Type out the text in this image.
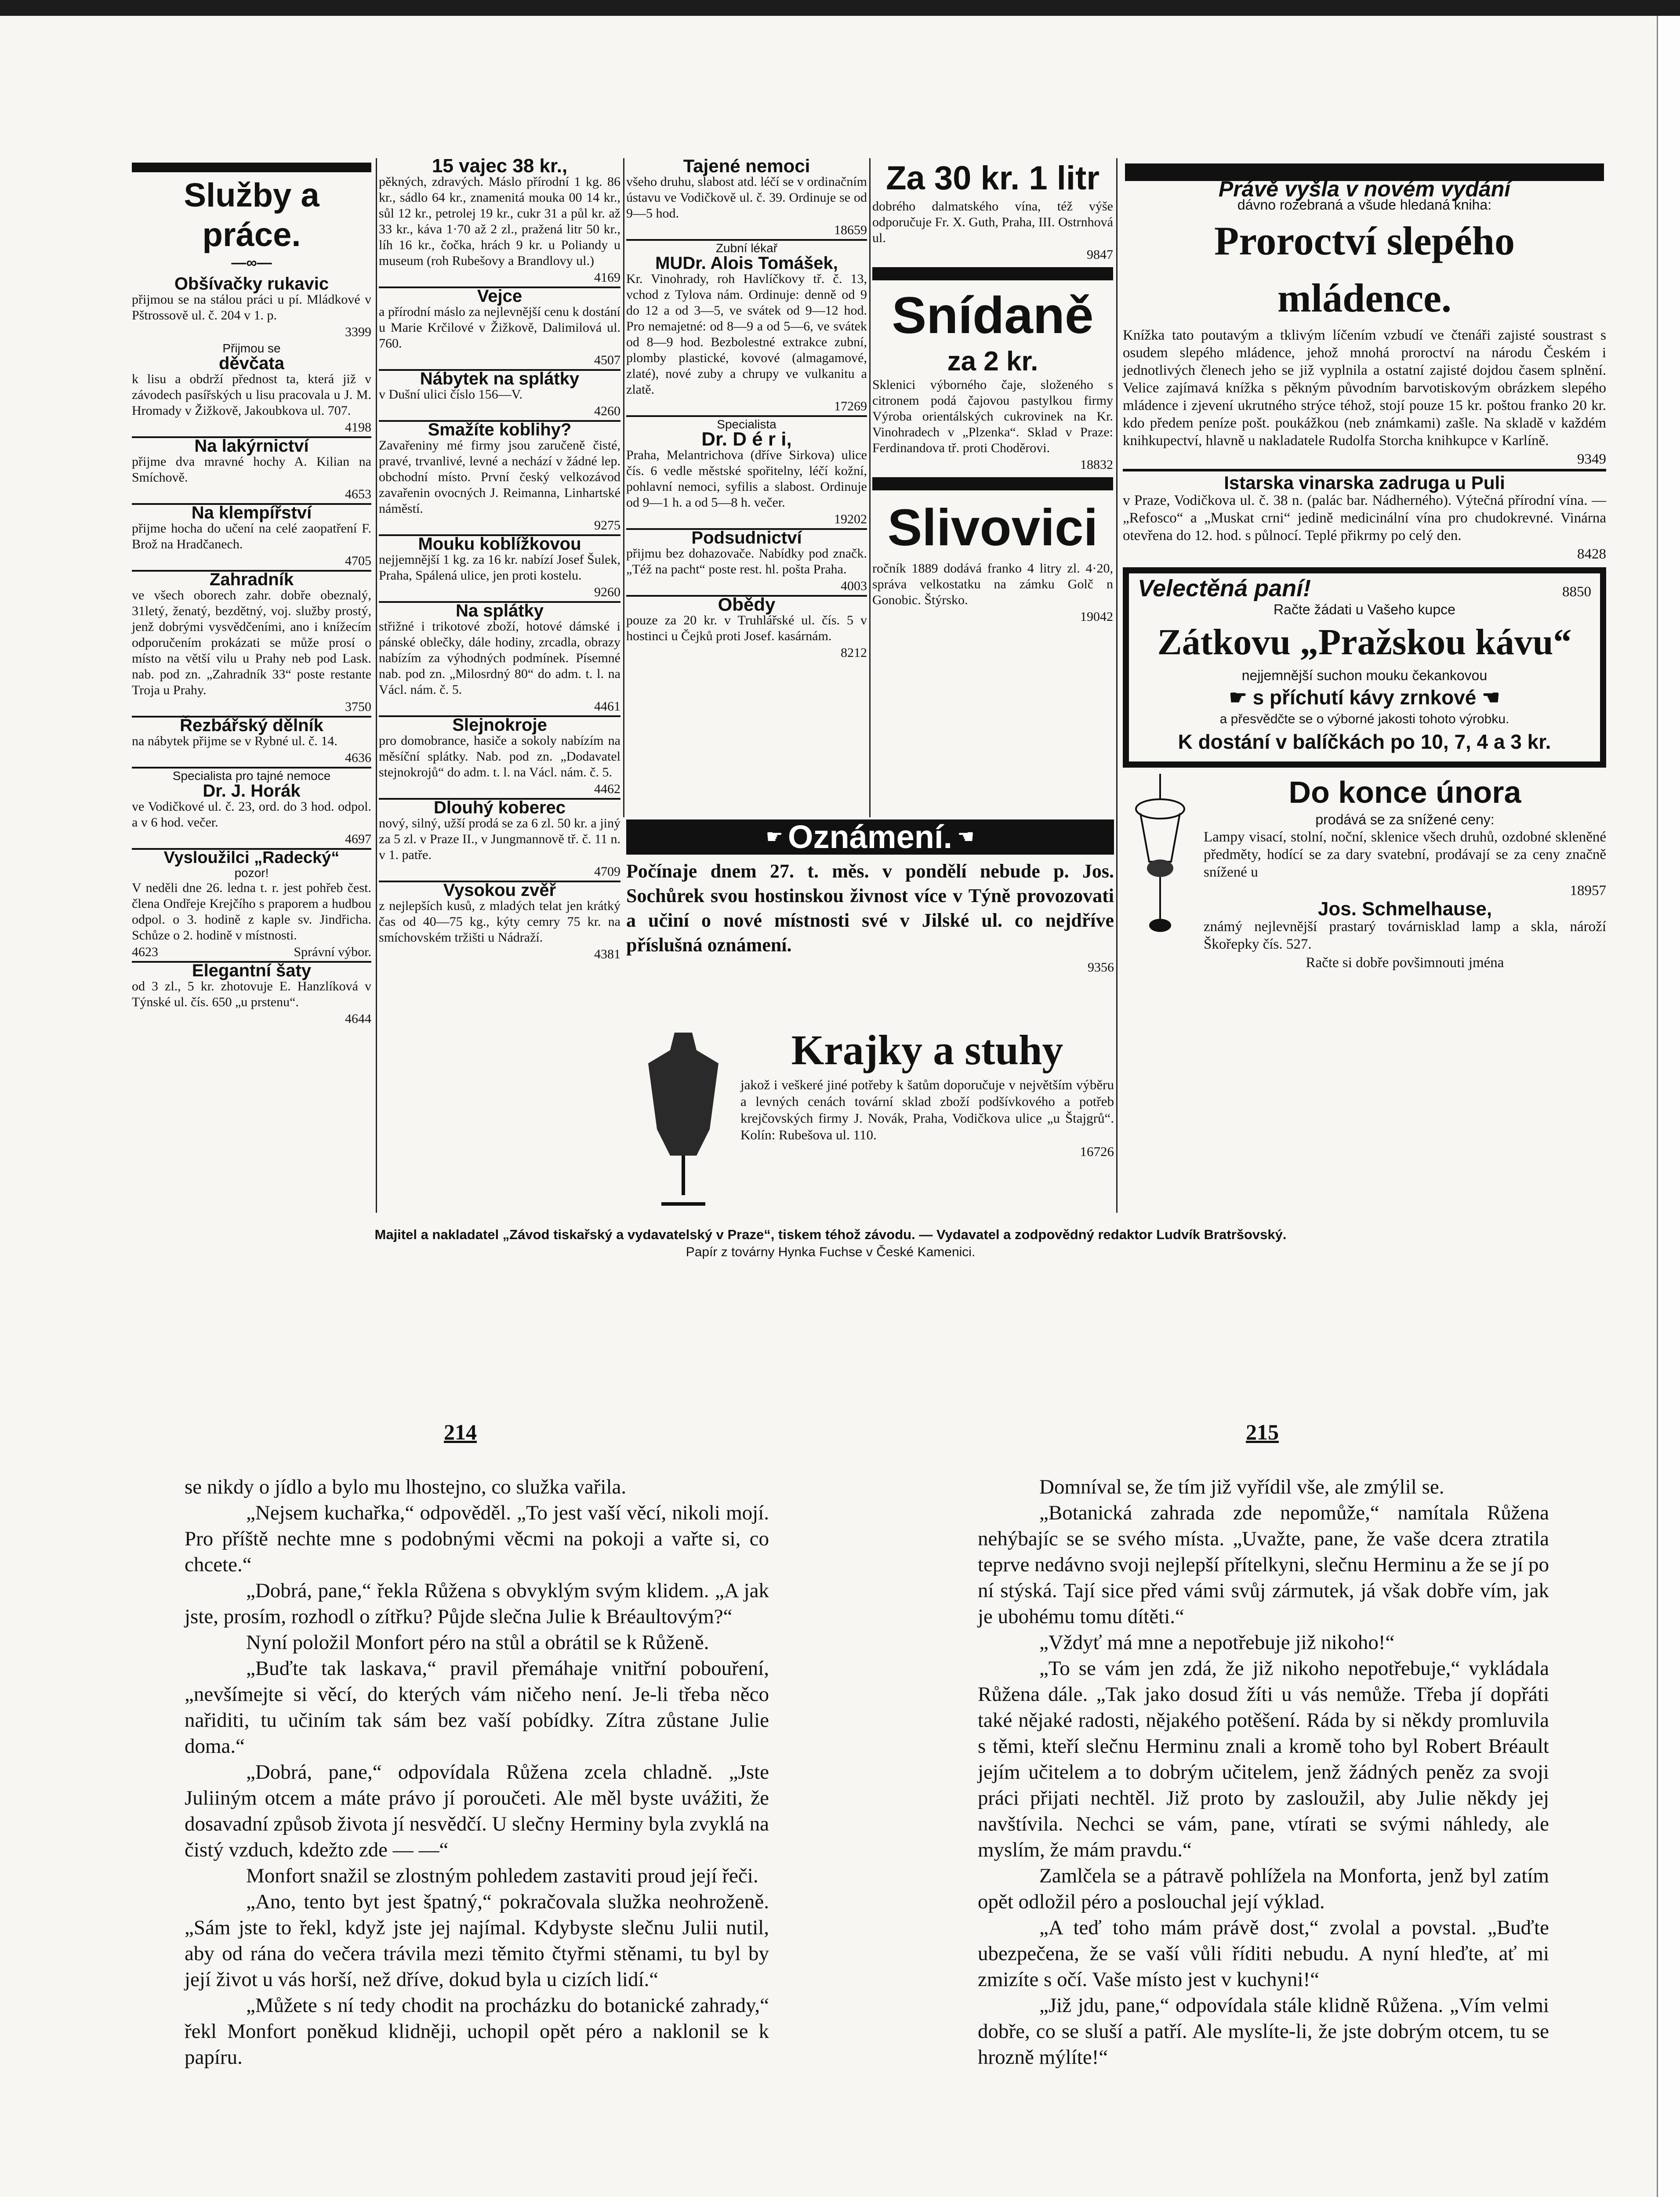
Služby a práce.
—∞—
Obšívačky rukavic

přijmou se na stálou práci u pí. Mládkové v Pštrossově ul. č. 204 v 1. p.

3399

Přijmou se
děvčata

k lisu a obdrží přednost ta, která již v závodech pasířských u lisu pracovala u J. M. Hromady v Žižkově, Jakoubkova ul. 707.

4198

Na lakýrnictví

přijme dva mravné hochy A. Kilian na Smíchově.

4653

Na klempířství

přijme hocha do učení na celé zaopatření F. Brož na Hradčanech.

4705

Zahradník

ve všech oborech zahr. dobře obeznalý, 31letý, ženatý, bezdětný, voj. služby prostý, jenž dobrými vysvědčeními, ano i knížecím odporučením prokázati se může prosí o místo na větší vilu u Prahy neb pod Lask. nab. pod zn. „Zahradník 33“ poste restante Troja u Prahy.

3750

Řezbářský dělník

na nábytek přijme se v Rybné ul. č. 14.

4636

Specialista pro tajné nemoce
Dr. J. Horák

ve Vodičkové ul. č. 23, ord. do 3 hod. odpol. a v 6 hod. večer.

4697

Vysloužilci „Radecký“
pozor!

V neděli dne 26. ledna t. r. jest pohřeb čest. člena Ondřeje Krejčího s praporem a hudbou odpol. o 3. hodině z kaple sv. Jindřicha. Schůze o 2. hodině v místnosti.

4623	Správní výbor.

Elegantní šaty

od 3 zl., 5 kr. zhotovuje E. Hanzlíková v Týnské ul. čís. 650 „u prstenu“.

4644

15 vajec 38 kr.,

pěkných, zdravých. Máslo přírodní 1 kg. 86 kr., sádlo 64 kr., znamenitá mouka 00 14 kr., sůl 12 kr., petrolej 19 kr., cukr 31 a půl kr. až 33 kr., káva 1·70 až 2 zl., pražená litr 50 kr., líh 16 kr., čočka, hrách 9 kr. u Poliandy u museum (roh Rubešovy a Brandlovy ul.)

4169

Vejce

a přírodní máslo za nejlevnější cenu k dostání u Marie Krčilové v Žižkově, Dalimilová ul. 760.

4507

Nábytek na splátky

v Dušní ulici číslo 156—V.

4260

Smažíte koblihy?

Zavařeniny mé firmy jsou zaručeně čisté, pravé, trvanlivé, levné a nechází v žádné lep. obchodní místo. První český velkozávod zavařenin ovocných J. Reimanna, Linhartské náměstí.

9275

Mouku koblížkovou

nejjemnější 1 kg. za 16 kr. nabízí Josef Šulek, Praha, Spálená ulice, jen proti kostelu.

9260

Na splátky

střižné i trikotové zboží, hotové dámské i pánské oblečky, dále hodiny, zrcadla, obrazy nabízím za výhodných podmínek. Písemné nab. pod zn. „Milosrdný 80“ do adm. t. l. na Václ. nám. č. 5.

4461

Slejnokroje

pro domobrance, hasiče a sokoly nabízím na měsíční splátky. Nab. pod zn. „Dodavatel stejnokrojů“ do adm. t. l. na Václ. nám. č. 5.

4462

Dlouhý koberec

nový, silný, užší prodá se za 6 zl. 50 kr. a jiný za 5 zl. v Praze II., v Jungmannově tř. č. 11 n. v 1. patře.

4709

Vysokou zvěř

z nejlepších kusů, z mladých telat jen krátký čas od 40—75 kg., kýty cemry 75 kr. na smíchovském tržišti u Nádraží.

4381

Tajené nemoci

všeho druhu, slabost atd. léčí se v ordinačním ústavu ve Vodičkově ul. č. 39. Ordinuje se od 9—5 hod.

18659

Zubní lékař
MUDr. Alois Tomášek,

Kr. Vinohrady, roh Havlíčkovy tř. č. 13, vchod z Tylova nám. Ordinuje: denně od 9 do 12 a od 3—5, ve svátek od 9—12 hod. Pro nemajetné: od 8—9 a od 5—6, ve svátek od 8—9 hod. Bezbolestné extrakce zubní, plomby plastické, kovové (almagamové, zlaté), nové zuby a chrupy ve vulkanitu a zlatě.

17269

Specialista
Dr. D é r i,

Praha, Melantrichova (dříve Sirkova) ulice čís. 6 vedle městské spořitelny, léčí kožní, pohlavní nemoci, syfilis a slabost. Ordinuje od 9—1 h. a od 5—8 h. večer.

19202

Podsudnictví

přijmu bez dohazovače. Nabídky pod značk. „Též na pacht“ poste rest. hl. pošta Praha.

4003

Obědy

pouze za 20 kr. v Truhlářské ul. čís. 5 v hostinci u Čejků proti Josef. kasárnám.

8212

Za 30 kr. 1 litr

dobrého dalmatského vína, též výše odporučuje Fr. X. Guth, Praha, III. Ostrnhová ul.

9847

Snídaně
za 2 kr.

Sklenici výborného čaje, složeného s citronem podá čajovou pastylkou firmy Výroba orientálských cukrovinek na Kr. Vinohradech v „Plzenka“. Sklad v Praze: Ferdinandova tř. proti Choděrovi.

18832

Slivovici

ročník 1889 dodává franko 4 litry zl. 4·20, správa velkostatku na zámku Golč n Gonobic. Štýrsko.

19042

Právě vyšla v novém vydání
dávno rozebraná a všude hledaná kniha:
Proroctví slepého mládence.

Knížka tato poutavým a tklivým líčením vzbudí ve čtenáři zajisté soustrast s osudem slepého mládence, jehož mnohá proroctví na národu Českém i jednotlivých členech jeho se již vyplnila a ostatní zajisté dojdou časem splnění. Velice zajímavá knížka s pěkným původním barvotiskovým obrázkem slepého mládence i zjevení ukrutného strýce téhož, stojí pouze 15 kr. poštou franko 20 kr. kdo předem peníze pošt. poukážkou (neb známkami) zašle. Na skladě v každém knihkupectví, hlavně u nakladatele Rudolfa Storcha knihkupce v Karlíně.

9349

Istarska vinarska zadruga u Puli

v Praze, Vodičkova ul. č. 38 n. (palác bar. Nádherného). Výtečná přírodní vína. — „Refosco“ a „Muskat crni“ jedině medicinální vína pro chudokrevné. Vinárna otevřena do 12. hod. s půlnocí. Teplé přikrmy po celý den.

8428

Velectěná paní!	8850
Račte žádati u Vašeho kupce
Zátkovu „Pražskou kávu“
nejjemnější suchon mouku čekankovou
☛ s příchutí kávy zrnkové ☚
a přesvědčte se o výborné jakosti tohoto výrobku.
K dostání v balíčkách po 10, 7, 4 a 3 kr.
Do konce února
prodává se za snížené ceny:

Lampy visací, stolní, noční, sklenice všech druhů, ozdobné skleněné předměty, hodící se za dary svatební, prodávají se za ceny značně snížené u

18957

Jos. Schmelhause,

známý nejlevnější prastarý továrnisklad lamp a skla, nároží Škořepky čís. 527.

Račte si dobře povšimnouti jména

☛ Oznámení. ☚

Počínaje dnem 27. t. měs. v pondělí nebude p. Jos. Sochůrek svou hostinskou živnost více v Týně provozovati a učiní o nové místnosti své v Jilské ul. co nejdříve příslušná oznámení.

9356

Krajky a stuhy

jakož i veškeré jiné potřeby k šatům doporučuje v největším výběru a levných cenách tovární sklad zboží podšívkového a potřeb krejčovských firmy J. Novák, Praha, Vodičkova ulice „u Štajgrů“. Kolín: Rubešova ul. 110.

16726

Majitel a nakladatel „Závod tiskařský a vydavatelský v Praze“, tiskem téhož závodu. — Vydavatel a zodpovědný redaktor Ludvík Bratršovský.
Papír z továrny Hynka Fuchse v České Kamenici.
214	215

se nikdy o jídlo a bylo mu lhostejno, co služka vařila.

„Nejsem kuchařka,“ odpověděl. „To jest vaší věcí, nikoli mojí. Pro příště nechte mne s podobnými věcmi na pokoji a vařte si, co chcete.“

„Dobrá, pane,“ řekla Růžena s obvyklým svým klidem. „A jak jste, prosím, rozhodl o zítřku? Půjde slečna Julie k Bréaultovým?“

Nyní položil Monfort péro na stůl a obrátil se k Růženě.

„Buďte tak laskava,“ pravil přemáhaje vnitřní pobouření, „nevšímejte si věcí, do kterých vám ničeho není. Je-li třeba něco nařiditi, tu učiním tak sám bez vaší pobídky. Zítra zůstane Julie doma.“

„Dobrá, pane,“ odpovídala Růžena zcela chladně. „Jste Juliiným otcem a máte právo jí poroučeti. Ale měl byste uvážiti, že dosavadní způsob života jí nesvědčí. U slečny Herminy byla zvyklá na čistý vzduch, kdežto zde — —“

Monfort snažil se zlostným pohledem zastaviti proud její řeči.

„Ano, tento byt jest špatný,“ pokračovala služka neohroženě. „Sám jste to řekl, když jste jej najímal. Kdybyste slečnu Julii nutil, aby od rána do večera trávila mezi těmito čtyřmi stěnami, tu byl by její život u vás horší, než dříve, dokud byla u cizích lidí.“

„Můžete s ní tedy chodit na procházku do botanické zahrady,“ řekl Monfort poněkud klidněji, uchopil opět péro a naklonil se k papíru.

Domníval se, že tím již vyřídil vše, ale zmýlil se.

„Botanická zahrada zde nepomůže,“ namítala Růžena nehýbajíc se se svého místa. „Uvažte, pane, že vaše dcera ztratila teprve nedávno svoji nejlepší přítelkyni, slečnu Herminu a že se jí po ní stýská. Tají sice před vámi svůj zármutek, já však dobře vím, jak je ubohému tomu dítěti.“

„Vždyť má mne a nepotřebuje již nikoho!“

„To se vám jen zdá, že již nikoho nepotřebuje,“ vykládala Růžena dále. „Tak jako dosud žíti u vás nemůže. Třeba jí dopřáti také nějaké radosti, nějakého potěšení. Ráda by si někdy promluvila s těmi, kteří slečnu Herminu znali a kromě toho byl Robert Bréault jejím učitelem a to dobrým učitelem, jenž žádných peněz za svoji práci přijati nechtěl. Již proto by zasloužil, aby Julie někdy jej navštívila. Nechci se vám, pane, vtírati se svými náhledy, ale myslím, že mám pravdu.“

Zamlčela se a pátravě pohlížela na Monforta, jenž byl zatím opět odložil péro a poslouchal její výklad.

„A teď toho mám právě dost,“ zvolal a povstal. „Buďte ubezpečena, že se vaší vůli říditi nebudu. A nyní hleďte, ať mi zmizíte s očí. Vaše místo jest v kuchyni!“

„Již jdu, pane,“ odpovídala stále klidně Růžena. „Vím velmi dobře, co se sluší a patří. Ale myslíte-li, že jste dobrým otcem, tu se hrozně mýlíte!“
